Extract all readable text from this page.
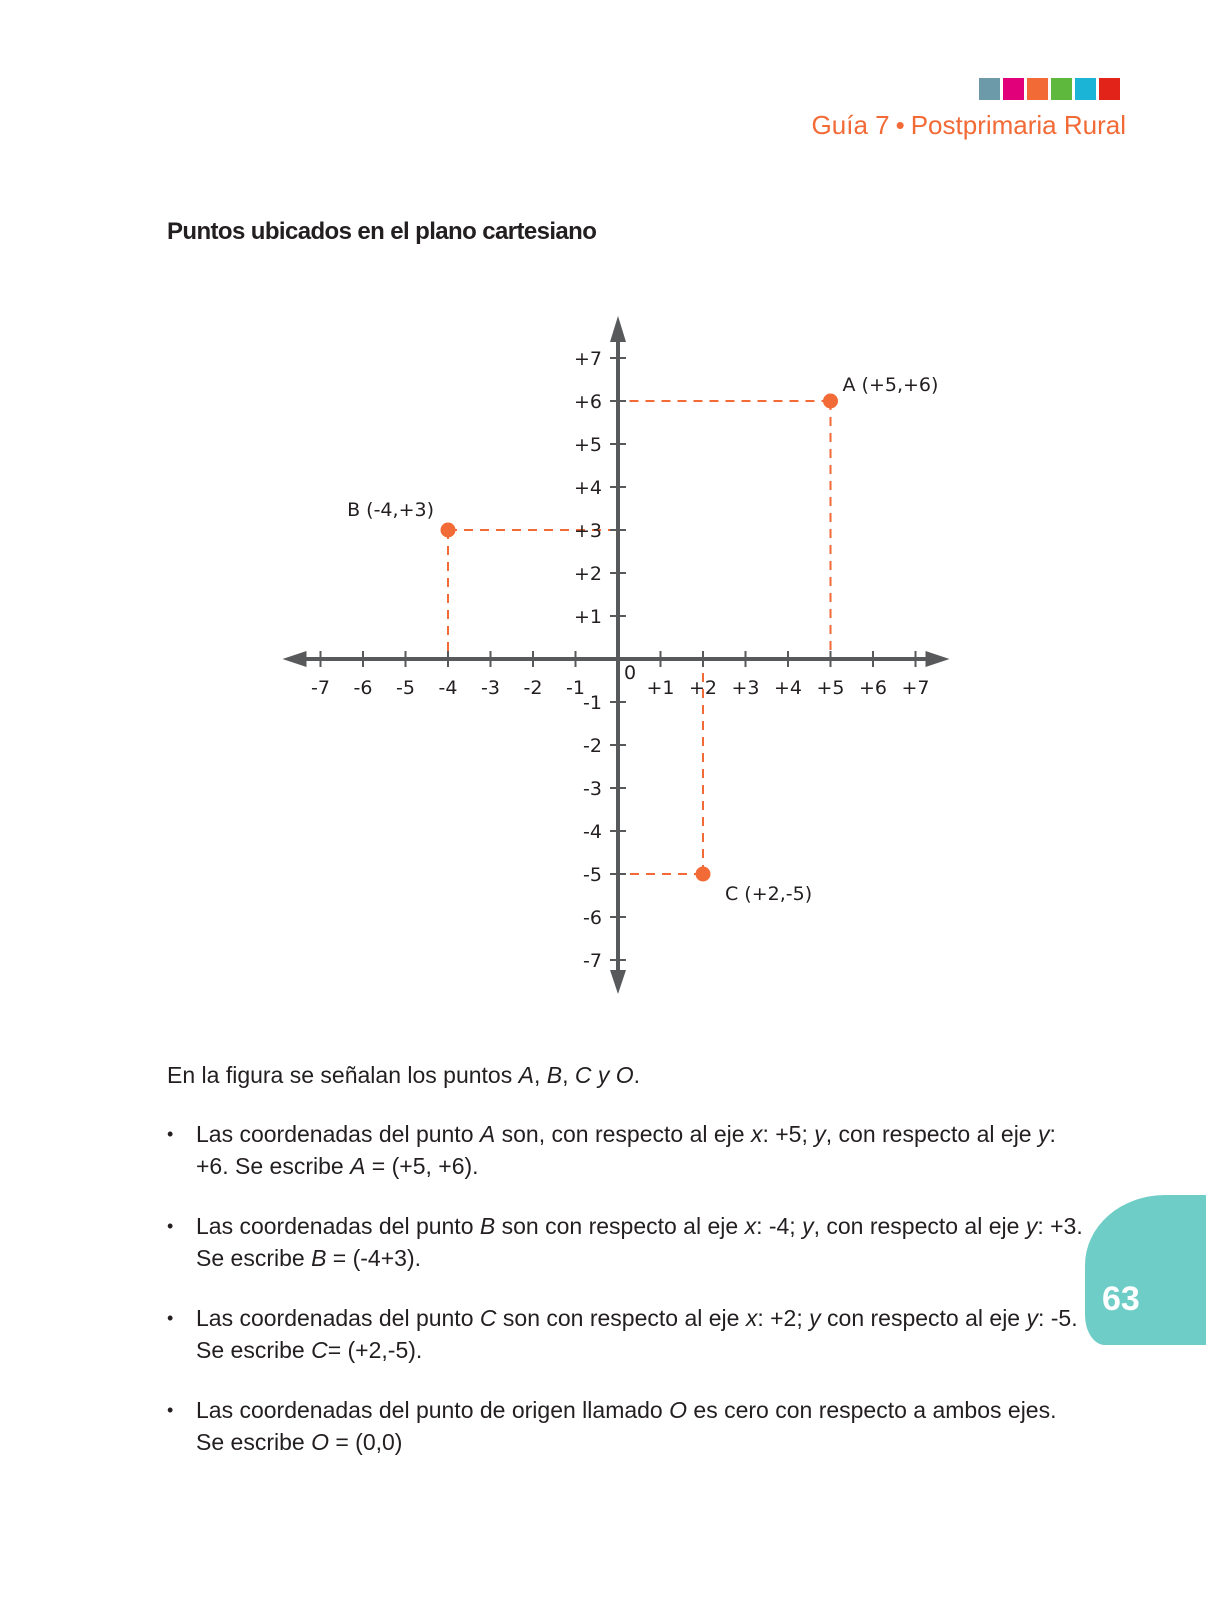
Guía 7 • Postprimaria Rural
Puntos ubicados en el plano cartesiano
-7 -6 -5 -4 -3 -2 -1	+1 +2 +3 +4 +5 +6 +7
+7
+6
+5
+4
+3
+2
+1
-1
-2
-3
-4
-5
-6
-7
0
A (+5,+6)
B (-4,+3)
C (+2,-5)

En la figura se señalan los puntos A, B, C y O.

• Las coordenadas del punto A son, con respecto al eje x: +5; y, con respecto al eje y: +6. Se escribe A = (+5, +6).
• Las coordenadas del punto B son con respecto al eje x: -4; y, con respecto al eje y: +3. Se escribe B = (-4+3).
• Las coordenadas del punto C son con respecto al eje x: +2; y con respecto al eje y: -5. Se escribe C= (+2,-5).
• Las coordenadas del punto de origen llamado O es cero con respecto a ambos ejes. Se escribe O = (0,0)
63
